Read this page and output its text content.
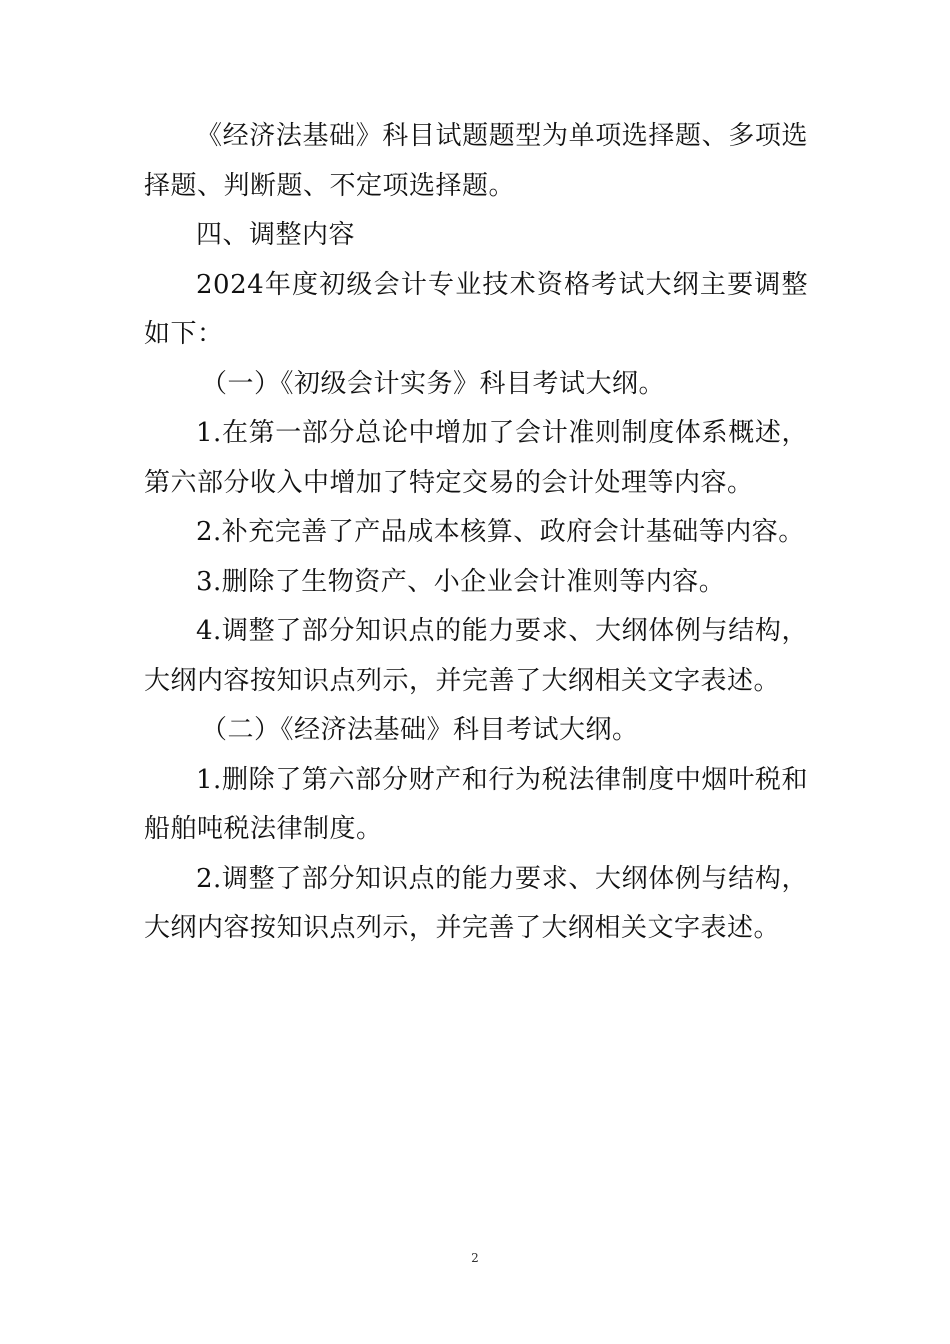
《经济法基础》科目试题题型为单项选择题、多项选择题、判断题、不定项选择题。

四、调整内容

2024年度初级会计专业技术资格考试大纲主要调整如下：

（一）《初级会计实务》科目考试大纲。

1.在第一部分总论中增加了会计准则制度体系概述，第六部分收入中增加了特定交易的会计处理等内容。

2.补充完善了产品成本核算、政府会计基础等内容。

3.删除了生物资产、小企业会计准则等内容。

4.调整了部分知识点的能力要求、大纲体例与结构，大纲内容按知识点列示，并完善了大纲相关文字表述。

（二）《经济法基础》科目考试大纲。

1.删除了第六部分财产和行为税法律制度中烟叶税和船舶吨税法律制度。

2.调整了部分知识点的能力要求、大纲体例与结构，大纲内容按知识点列示，并完善了大纲相关文字表述。

2
